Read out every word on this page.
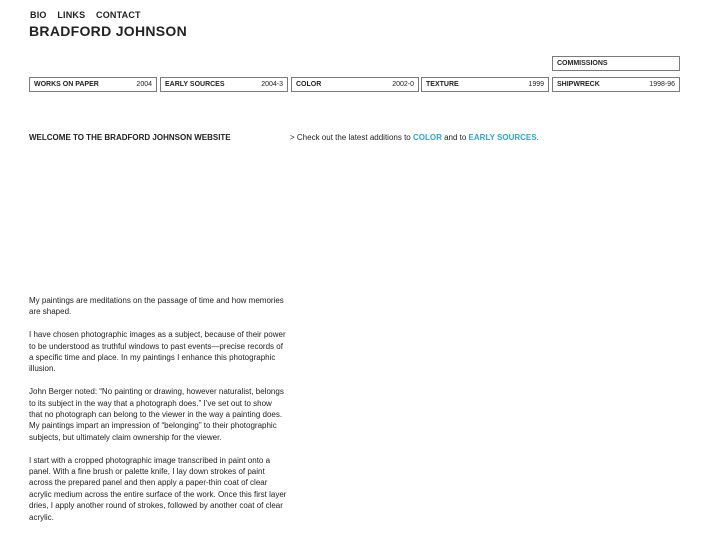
BIO LINKS CONTACT
BRADFORD JOHNSON
COMMISSIONS
WORKS ON PAPER	2004 EARLY SOURCES	2004-3 COLOR	2002-0 TEXTURE	1999 SHIPWRECK	1998-96
WELCOME TO THE BRADFORD JOHNSON WEBSITE	> Check out the latest additions to COLOR and to EARLY SOURCES.

My paintings are meditations on the passage of time and how memories are shaped.

I have chosen photographic images as a subject, because of their power to be understood as truthful windows to past events—precise records of a specific time and place. In my paintings I enhance this photographic illusion.

John Berger noted: “No painting or drawing, however naturalist, belongs to its subject in the way that a photograph does.” I’ve set out to show that no photograph can belong to the viewer in the way a painting does. My paintings impart an impression of “belonging” to their photographic subjects, but ultimately claim ownership for the viewer.

I start with a cropped photographic image transcribed in paint onto a panel. With a fine brush or palette knife, I lay down strokes of paint across the prepared panel and then apply a paper-thin coat of clear acrylic medium across the entire surface of the work. Once this first layer dries, I apply another round of strokes, followed by another coat of clear acrylic.
